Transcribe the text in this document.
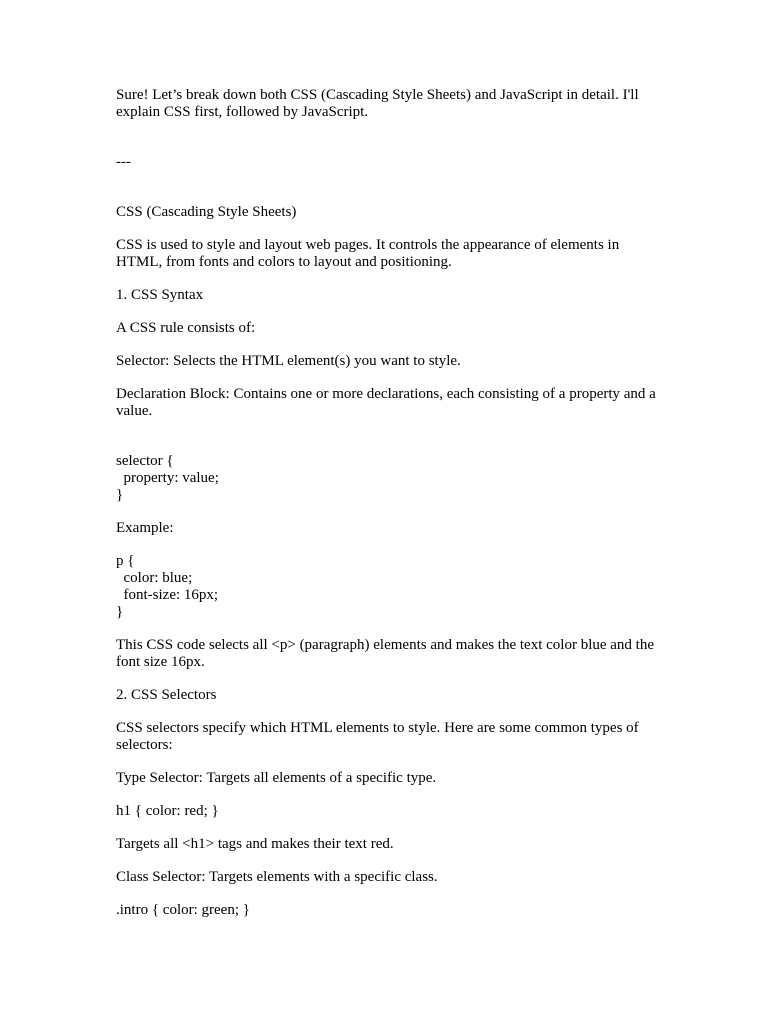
Sure! Let’s break down both CSS (Cascading Style Sheets) and JavaScript in detail. I'll explain CSS first, followed by JavaScript.

---

CSS (Cascading Style Sheets)

CSS is used to style and layout web pages. It controls the appearance of elements in HTML, from fonts and colors to layout and positioning.

1. CSS Syntax

A CSS rule consists of:

Selector: Selects the HTML element(s) you want to style.

Declaration Block: Contains one or more declarations, each consisting of a property and a value.

selector {

property: value;

}

Example:

p {

color: blue;

font-size: 16px;

}

This CSS code selects all <p> (paragraph) elements and makes the text color blue and the font size 16px.

2. CSS Selectors

CSS selectors specify which HTML elements to style. Here are some common types of selectors:

Type Selector: Targets all elements of a specific type.

h1 { color: red; }

Targets all <h1> tags and makes their text red.

Class Selector: Targets elements with a specific class.

.intro { color: green; }
